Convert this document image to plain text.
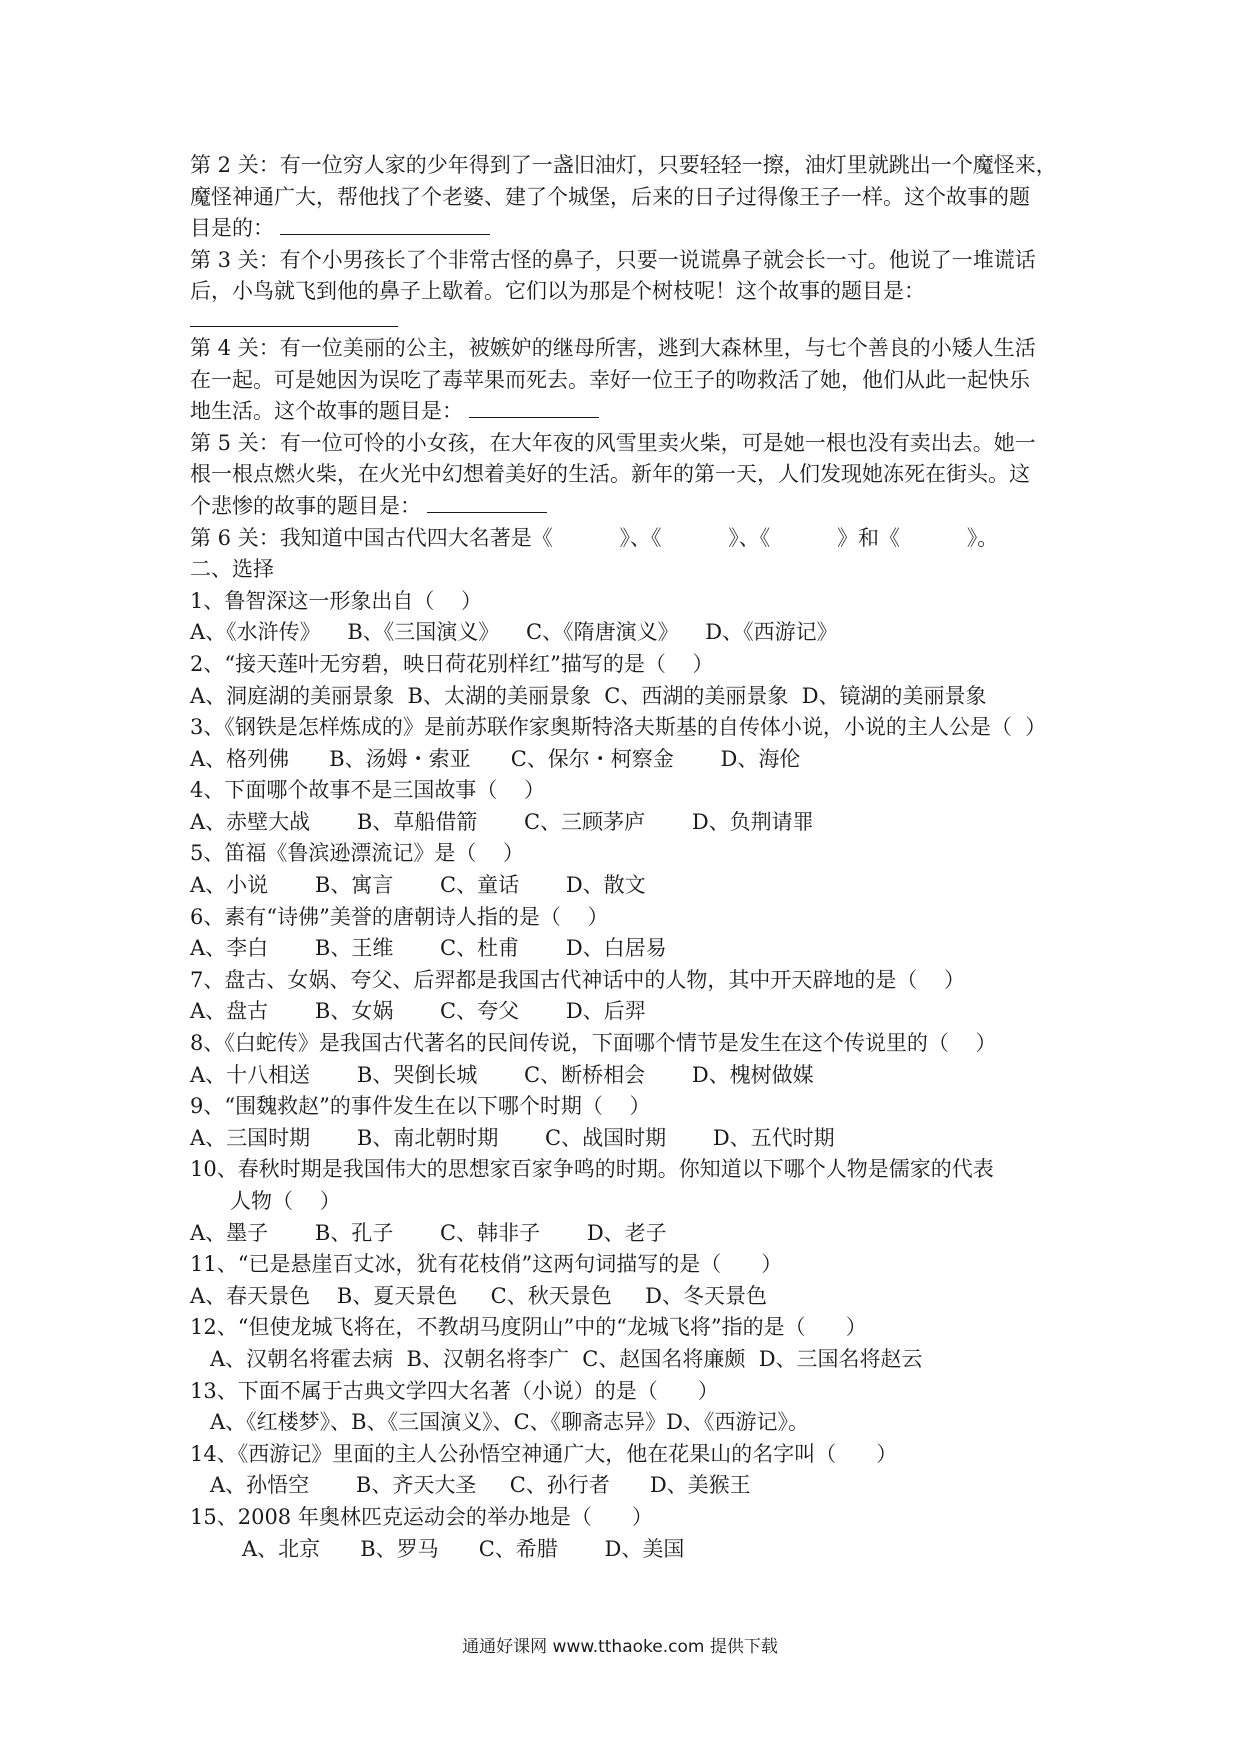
第 2 关：有一位穷人家的少年得到了一盏旧油灯，只要轻轻一擦，油灯里就跳出一个魔怪来，
魔怪神通广大，帮他找了个老婆、建了个城堡，后来的日子过得像王子一样。这个故事的题
目是的：
第 3 关：有个小男孩长了个非常古怪的鼻子，只要一说谎鼻子就会长一寸。他说了一堆谎话
后，小鸟就飞到他的鼻子上歇着。它们以为那是个树枝呢！这个故事的题目是：
第 4 关：有一位美丽的公主，被嫉妒的继母所害，逃到大森林里，与七个善良的小矮人生活
在一起。可是她因为误吃了毒苹果而死去。幸好一位王子的吻救活了她，他们从此一起快乐
地生活。这个故事的题目是：
第 5 关：有一位可怜的小女孩，在大年夜的风雪里卖火柴，可是她一根也没有卖出去。她一
根一根点燃火柴，在火光中幻想着美好的生活。新年的第一天，人们发现她冻死在街头。这
个悲惨的故事的题目是：
第 6 关：我知道中国古代四大名著是《          》、《          》、《          》和《          》。
二、选择
1、鲁智深这一形象出自（    ）
A、《水浒传》    B、《三国演义》    C、《隋唐演义》    D、《西游记》
2、“接天莲叶无穷碧，映日荷花别样红”描写的是（    ）
A、洞庭湖的美丽景象  B、太湖的美丽景象  C、西湖的美丽景象  D、镜湖的美丽景象
3、《钢铁是怎样炼成的》是前苏联作家奥斯特洛夫斯基的自传体小说，小说的主人公是（  ）
A、格列佛      B、汤姆・索亚      C、保尔・柯察金       D、海伦
4、下面哪个故事不是三国故事（    ）
A、赤壁大战       B、草船借箭       C、三顾茅庐       D、负荆请罪
5、笛福《鲁滨逊漂流记》是（    ）
A、小说       B、寓言       C、童话       D、散文
6、素有“诗佛”美誉的唐朝诗人指的是（    ）
A、李白       B、王维       C、杜甫       D、白居易
7、盘古、女娲、夸父、后羿都是我国古代神话中的人物，其中开天辟地的是（    ）
A、盘古       B、女娲       C、夸父       D、后羿
8、《白蛇传》是我国古代著名的民间传说，下面哪个情节是发生在这个传说里的（    ）
A、十八相送       B、哭倒长城       C、断桥相会       D、槐树做媒
9、“围魏救赵”的事件发生在以下哪个时期（    ）
A、三国时期       B、南北朝时期       C、战国时期       D、五代时期
10、春秋时期是我国伟大的思想家百家争鸣的时期。你知道以下哪个人物是儒家的代表
人物（    ）
A、墨子       B、孔子       C、韩非子       D、老子
11、“已是悬崖百丈冰，犹有花枝俏”这两句词描写的是（      ）
A、春天景色    B、夏天景色     C、秋天景色     D、冬天景色
12、“但使龙城飞将在，不教胡马度阴山”中的“龙城飞将”指的是（      ）
A、汉朝名将霍去病  B、汉朝名将李广  C、赵国名将廉颇  D、三国名将赵云
13、下面不属于古典文学四大名著（小说）的是（      ）
A、《红楼梦》、B、《三国演义》、C、《聊斋志异》D、《西游记》。
14、《西游记》里面的主人公孙悟空神通广大，他在花果山的名字叫（      ）
A、孙悟空       B、齐天大圣     C、孙行者      D、美猴王
15、2008 年奥林匹克运动会的举办地是（      ）
A、北京      B、罗马      C、希腊       D、美国
通通好课网 www.tthaoke.com 提供下载
